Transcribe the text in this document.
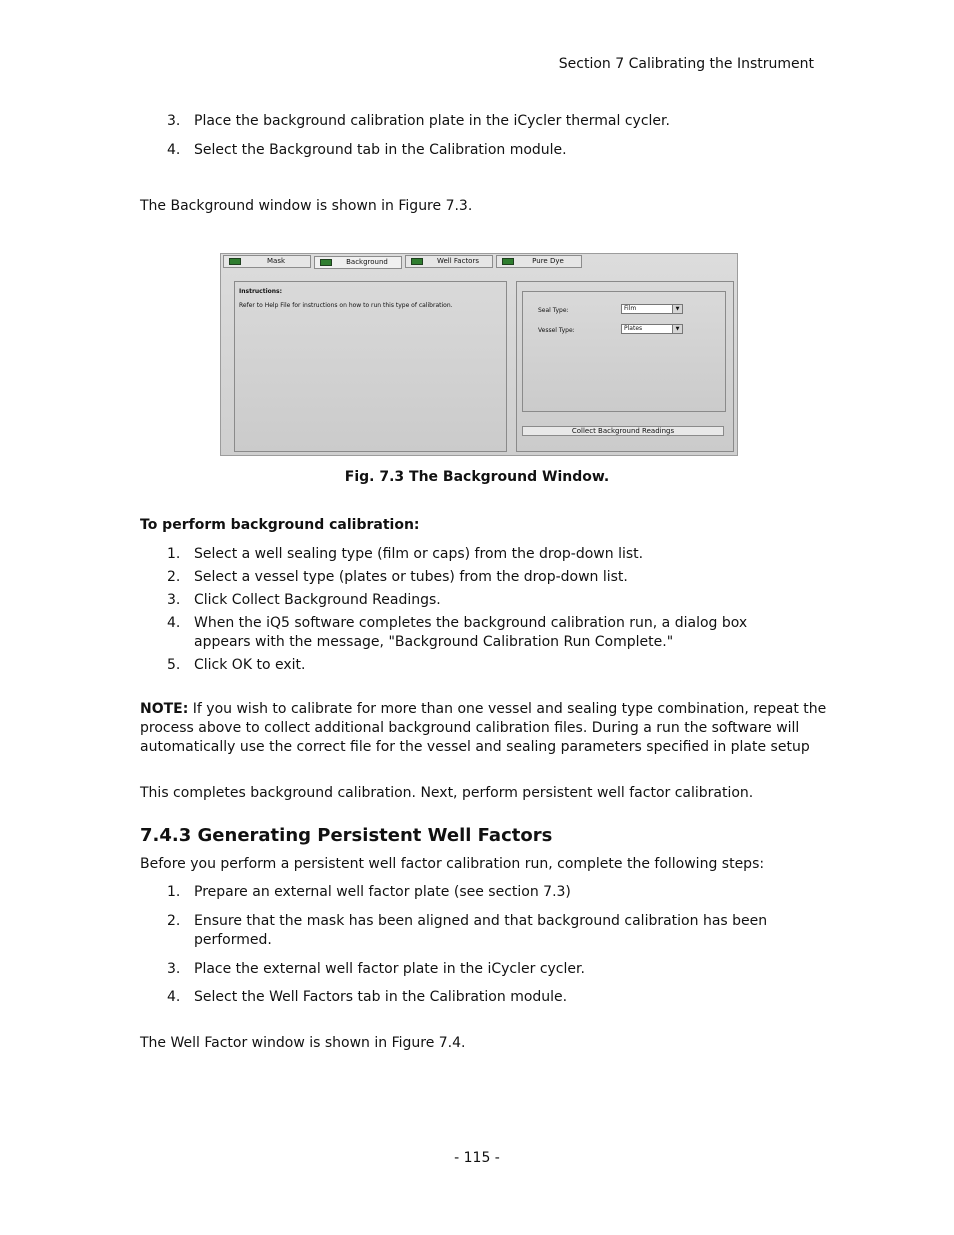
Section 7 Calibrating the Instrument
3. Place the background calibration plate in the iCycler thermal cycler.
4. Select the Background tab in the Calibration module.
The Background window is shown in Figure 7.3.
Mask	Background	Well Factors	Pure Dye
Instructions:
Refer to Help File for instructions on how to run this type of calibration.
Seal Type:	Film	▼
Vessel Type:	Plates	▼
Collect Background Readings
Fig. 7.3 The Background Window.
To perform background calibration:
1. Select a well sealing type (film or caps) from the drop-down list.
2. Select a vessel type (plates or tubes) from the drop-down list.
3. Click Collect Background Readings.
4. When the iQ5 software completes the background calibration run, a dialog box appears with the message, "Background Calibration Run Complete."
5. Click OK to exit.
NOTE: If you wish to calibrate for more than one vessel and sealing type combination, repeat the process above to collect additional background calibration files. During a run the software will automatically use the correct file for the vessel and sealing parameters specified in plate setup
This completes background calibration. Next, perform persistent well factor calibration.
7.4.3 Generating Persistent Well Factors
Before you perform a persistent well factor calibration run, complete the following steps:
1. Prepare an external well factor plate (see section 7.3)
2. Ensure that the mask has been aligned and that background calibration has been performed.
3. Place the external well factor plate in the iCycler cycler.
4. Select the Well Factors tab in the Calibration module.
The Well Factor window is shown in Figure 7.4.
- 115 -
